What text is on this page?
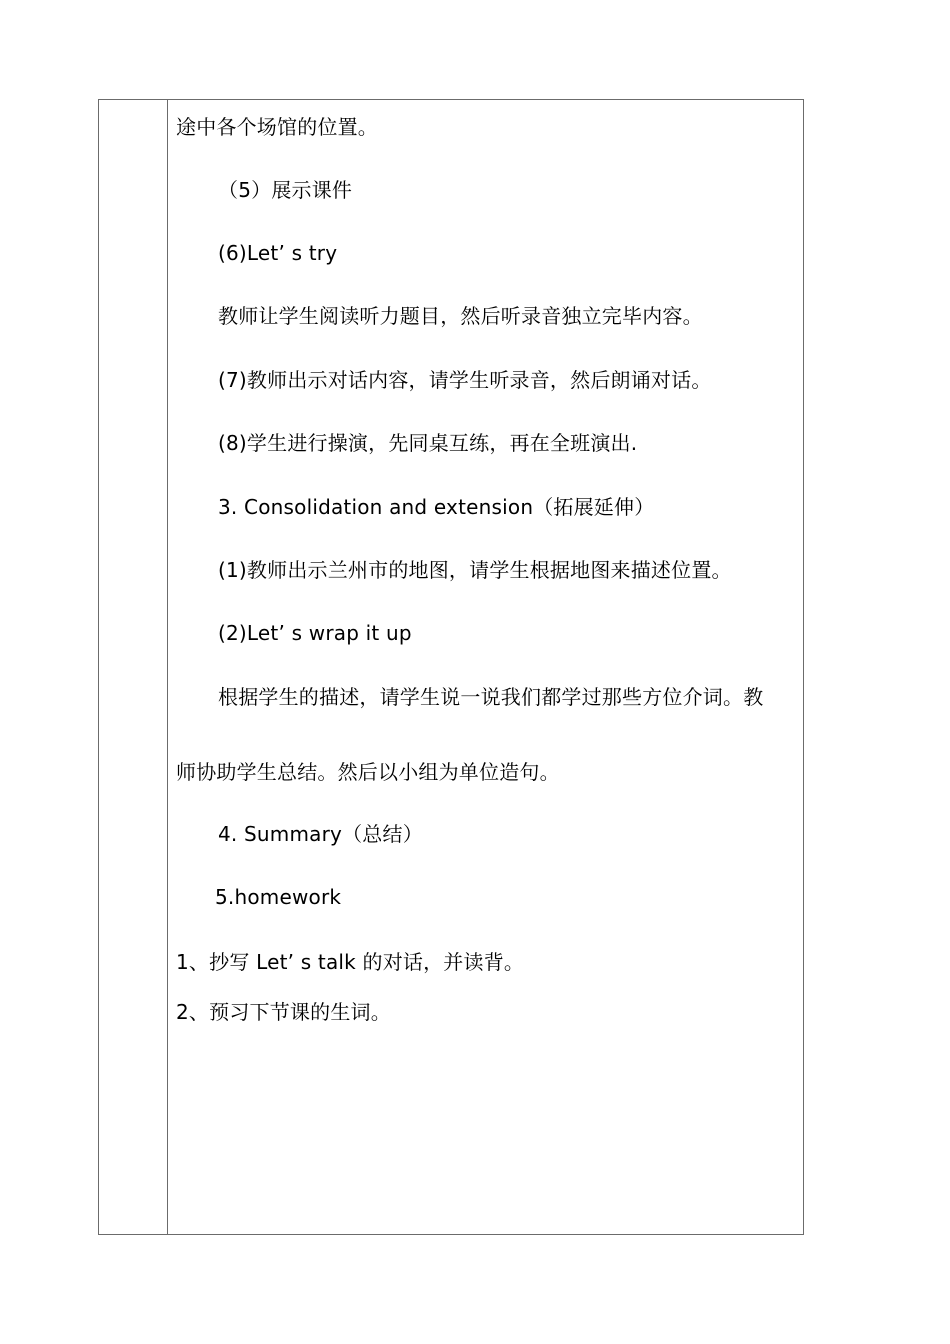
途中各个场馆的位置。
（5）展示课件
(6)Let’ s try
教师让学生阅读听力题目，然后听录音独立完毕内容。
(7)教师出示对话内容，请学生听录音，然后朗诵对话。
(8)学生进行操演，先同桌互练，再在全班演出.
3. Consolidation and extension（拓展延伸）
(1)教师出示兰州市的地图，请学生根据地图来描述位置。
(2)Let’ s wrap it up
根据学生的描述，请学生说一说我们都学过那些方位介词。教
师协助学生总结。然后以小组为单位造句。
4. Summary（总结）
5.homework
1、抄写 Let’ s talk 的对话，并读背。
2、预习下节课的生词。
